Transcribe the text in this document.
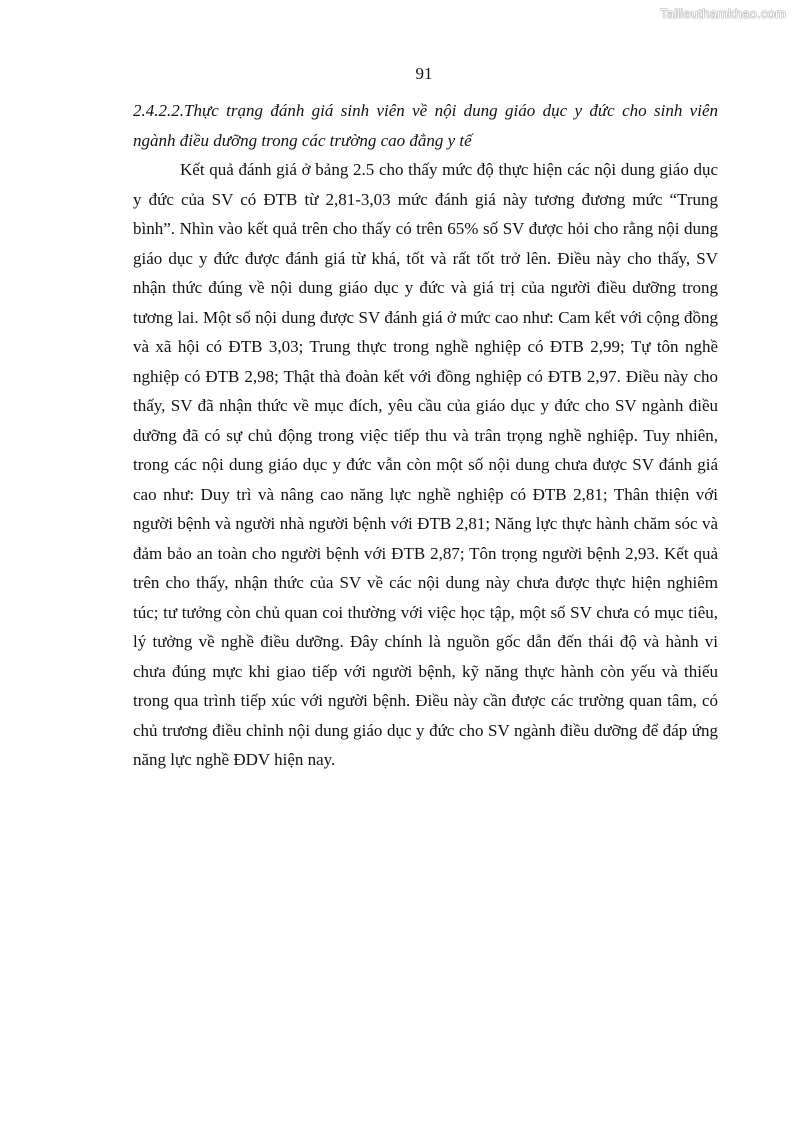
Tailieuthamkhao.com
91

2.4.2.2.Thực trạng đánh giá sinh viên về nội dung giáo dục y đức cho sinh viên ngành điều dưỡng trong các trường cao đẳng y tế

Kết quả đánh giá ở bảng 2.5 cho thấy mức độ thực hiện các nội dung giáo dục y đức của SV có ĐTB từ 2,81-3,03 mức đánh giá này tương đương mức “Trung bình”. Nhìn vào kết quả trên cho thấy có trên 65% số SV được hỏi cho rằng nội dung giáo dục y đức được đánh giá từ khá, tốt và rất tốt trở lên. Điều này cho thấy, SV nhận thức đúng về nội dung giáo dục y đức và giá trị của người điều dưỡng trong tương lai. Một số nội dung được SV đánh giá ở mức cao như: Cam kết với cộng đồng và xã hội có ĐTB 3,03; Trung thực trong nghề nghiệp có ĐTB 2,99; Tự tôn nghề nghiệp có ĐTB 2,98; Thật thà đoàn kết với đồng nghiệp có ĐTB 2,97. Điều này cho thấy, SV đã nhận thức về mục đích, yêu cầu của giáo dục y đức cho SV ngành điều dưỡng đã có sự chủ động trong việc tiếp thu và trân trọng nghề nghiệp. Tuy nhiên, trong các nội dung giáo dục y đức vẫn còn một số nội dung chưa được SV đánh giá cao như: Duy trì và nâng cao năng lực nghề nghiệp có ĐTB 2,81; Thân thiện với người bệnh và người nhà người bệnh với ĐTB 2,81; Năng lực thực hành chăm sóc và đảm bảo an toàn cho người bệnh với ĐTB 2,87; Tôn trọng người bệnh 2,93. Kết quả trên cho thấy, nhận thức của SV về các nội dung này chưa được thực hiện nghiêm túc; tư tưởng còn chủ quan coi thường với việc học tập, một số SV chưa có mục tiêu, lý tưởng về nghề điều dưỡng. Đây chính là nguồn gốc dẫn đến thái độ và hành vi chưa đúng mực khi giao tiếp với người bệnh, kỹ năng thực hành còn yếu và thiếu trong qua trình tiếp xúc với người bệnh. Điều này cần được các trường quan tâm, có chủ trương điều chỉnh nội dung giáo dục y đức cho SV ngành điều dưỡng để đáp ứng năng lực nghề ĐDV hiện nay.
